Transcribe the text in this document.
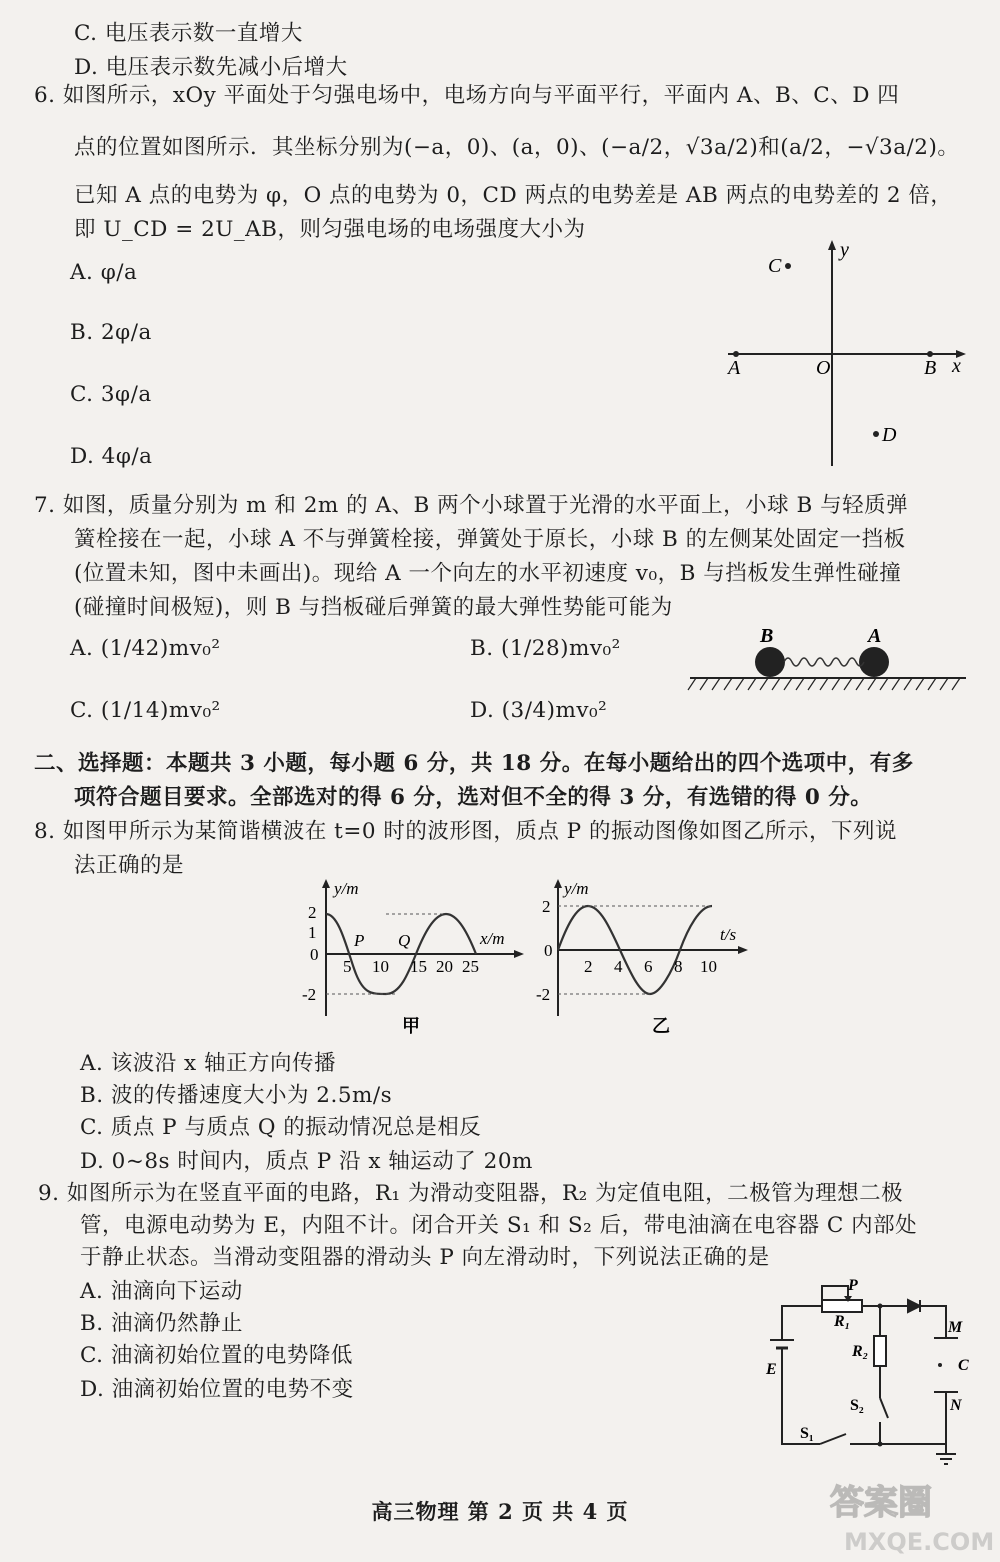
C. 电压表示数一直增大
D. 电压表示数先减小后增大
6. 如图所示，xOy 平面处于匀强电场中，电场方向与平面平行，平面内 A、B、C、D 四
点的位置如图所示．其坐标分别为(−a，0)、(a，0)、(−a/2，√3a/2)和(a/2，−√3a/2)。
已知 A 点的电势为 φ，O 点的电势为 0，CD 两点的电势差是 AB 两点的电势差的 2 倍，
即 U_CD = 2U_AB，则匀强电场的电场强度大小为
A. φ/a
B. 2φ/a
C. 3φ/a
D. 4φ/a
y
x
A	O	B
C
D
7. 如图，质量分别为 m 和 2m 的 A、B 两个小球置于光滑的水平面上，小球 B 与轻质弹
簧栓接在一起，小球 A 不与弹簧栓接，弹簧处于原长，小球 B 的左侧某处固定一挡板
(位置未知，图中未画出)。现给 A 一个向左的水平初速度 v₀，B 与挡板发生弹性碰撞
(碰撞时间极短)，则 B 与挡板碰后弹簧的最大弹性势能可能为
A. (1/42)mv₀²	B. (1/28)mv₀²
C. (1/14)mv₀²	D. (3/4)mv₀²
B	A
二、选择题：本题共 3 小题，每小题 6 分，共 18 分。在每小题给出的四个选项中，有多
项符合题目要求。全部选对的得 6 分，选对但不全的得 3 分，有选错的得 0 分。
8. 如图甲所示为某简谐横波在 t=0 时的波形图，质点 P 的振动图像如图乙所示，下列说
法正确的是
2
1
0
-2
y/m
x/m
P Q
5 10 15 20 25
甲
2
0
-2
y/m
t/s
2 4 6 8 10
乙
A. 该波沿 x 轴正方向传播
B. 波的传播速度大小为 2.5m/s
C. 质点 P 与质点 Q 的振动情况总是相反
D. 0~8s 时间内，质点 P 沿 x 轴运动了 20m
9. 如图所示为在竖直平面的电路，R₁ 为滑动变阻器，R₂ 为定值电阻，二极管为理想二极
管，电源电动势为 E，内阻不计。闭合开关 S₁ 和 S₂ 后，带电油滴在电容器 C 内部处
于静止状态。当滑动变阻器的滑动头 P 向左滑动时，下列说法正确的是
A. 油滴向下运动
B. 油滴仍然静止
C. 油滴初始位置的电势降低
D. 油滴初始位置的电势不变
P
R₁
R₂
M
C
N
E
S₁
S₂
高三物理 第 2 页 共 4 页	答案圈
MXQE.COM
